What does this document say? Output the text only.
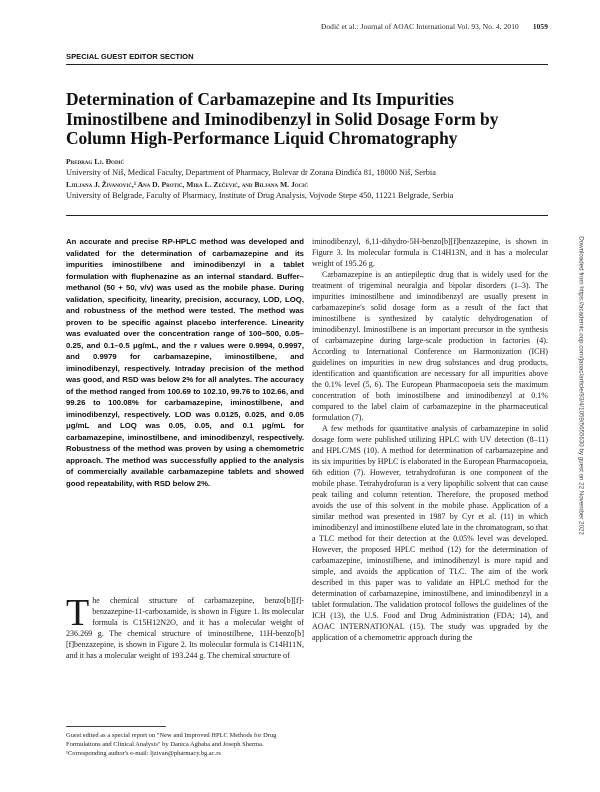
Đodić et al.: Journal of AOAC International Vol. 93, No. 4, 2010 1059
SPECIAL GUEST EDITOR SECTION
Determination of Carbamazepine and Its Impurities Iminostilbene and Iminodibenzyl in Solid Dosage Form by Column High-Performance Liquid Chromatography
Predrag Lj. Đodić
University of Niš, Medical Faculty, Department of Pharmacy, Bulevar dr Zorana Đinđića 81, 18000 Niš, Serbia
Ljiljana J. Živanović,¹ Ana D. Protić, Mira L. Zečević, and Biljana M. Jocić
University of Belgrade, Faculty of Pharmacy, Institute of Drug Analysis, Vojvode Stepe 450, 11221 Belgrade, Serbia
Downloaded from https://academic.oup.com/jaoac/article/93/4/1059/5655630 by guest on 22 November 2022

An accurate and precise RP-HPLC method was developed and validated for the determination of carbamazepine and its impurities iminostilbene and iminodibenzyl in a tablet formulation with fluphenazine as an internal standard. Buffer–methanol (50 + 50, v/v) was used as the mobile phase. During validation, specificity, linearity, precision, accuracy, LOD, LOQ, and robustness of the method were tested. The method was proven to be specific against placebo interference. Linearity was evaluated over the concentration range of 100–500, 0.05–0.25, and 0.1–0.5 μg/mL, and the r values were 0.9994, 0.9997, and 0.9979 for carbamazepine, iminostilbene, and iminodibenzyl, respectively. Intraday precision of the method was good, and RSD was below 2% for all analytes. The accuracy of the method ranged from 100.69 to 102.10, 99.76 to 102.66, and 99.26 to 100.08% for carbamazepine, iminostilbene, and iminodibenzyl, respectively. LOD was 0.0125, 0.025, and 0.05 μg/mL and LOQ was 0.05, 0.05, and 0.1 μg/mL for carbamazepine, iminostilbene, and iminodibenzyl, respectively. Robustness of the method was proven by using a chemometric approach. The method was successfully applied to the analysis of commercially available carbamazepine tablets and showed good repeatability, with RSD below 2%.

The chemical structure of carbamazepine, benzo[b][f]-benzazepine-11-carboxamide, is shown in Figure 1. Its molecular formula is C15H12N2O, and it has a molecular weight of 236.269 g. The chemical structure of iminostilbene, 11H-benzo[b][f]benzazepine, is shown in Figure 2. Its molecular formula is C14H11N, and it has a molecular weight of 193.244 g. The chemical structure of

Guest edited as a special report on "New and Improved HPLC Methods for Drug Formulations and Clinical Analysis" by Danica Agbaba and Joseph Sherma.

¹Corresponding author's e-mail: ljzivan@pharmacy.bg.ac.rs

iminodibenzyl, 6,11-dihydro-5H-benzo[b][f]benzazepine, is shown in Figure 3. Its molecular formula is C14H13N, and it has a molecular weight of 195.26 g.

Carbamazepine is an antiepileptic drug that is widely used for the treatment of trigeminal neuralgia and bipolar disorders (1–3). The impurities iminostilbene and iminodibenzyl are usually present in carbamazepine's solid dosage form as a result of the fact that iminostilbene is synthesized by catalytic dehydrogenation of iminodibenzyl. Iminostilbene is an important precursor in the synthesis of carbamazepine during large-scale production in factories (4). According to International Conference on Harmonization (ICH) guidelines on impurities in new drug substances and drug products, identification and quantification are necessary for all impurities above the 0.1% level (5, 6). The European Pharmacopoeia sets the maximum concentration of both iminostilbene and iminodibenzyl at 0.1% compared to the label claim of carbamazepine in the pharmaceutical formulation (7).

A few methods for quantitative analysis of carbamazepine in solid dosage form were published utilizing HPLC with UV detection (8–11) and HPLC/MS (10). A method for determination of carbamazepine and its six impurities by HPLC is elaborated in the European Pharmacopoeia, 6th edition (7). However, tetrahydrofuran is one component of the mobile phase. Tetrahydrofuran is a very lipophilic solvent that can cause peak tailing and column retention. Therefore, the proposed method avoids the use of this solvent in the mobile phase. Application of a similar method was presented in 1987 by Cyr et al. (11) in which iminodibenzyl and iminostilbene eluted late in the chromatogram, so that a TLC method for their detection at the 0.05% level was developed. However, the proposed HPLC method (12) for the determination of carbamazepine, iminostilbene, and iminodibenzyl is more rapid and simple, and avoids the application of TLC. The aim of the work described in this paper was to validate an HPLC method for the determination of carbamazepine, iminostilbene, and iminodibenzyl in a tablet formulation. The validation protocol follows the guidelines of the ICH (13), the U.S. Food and Drug Administration (FDA; 14), and AOAC INTERNATIONAL (15). The study was upgraded by the application of a chemometric approach during the
